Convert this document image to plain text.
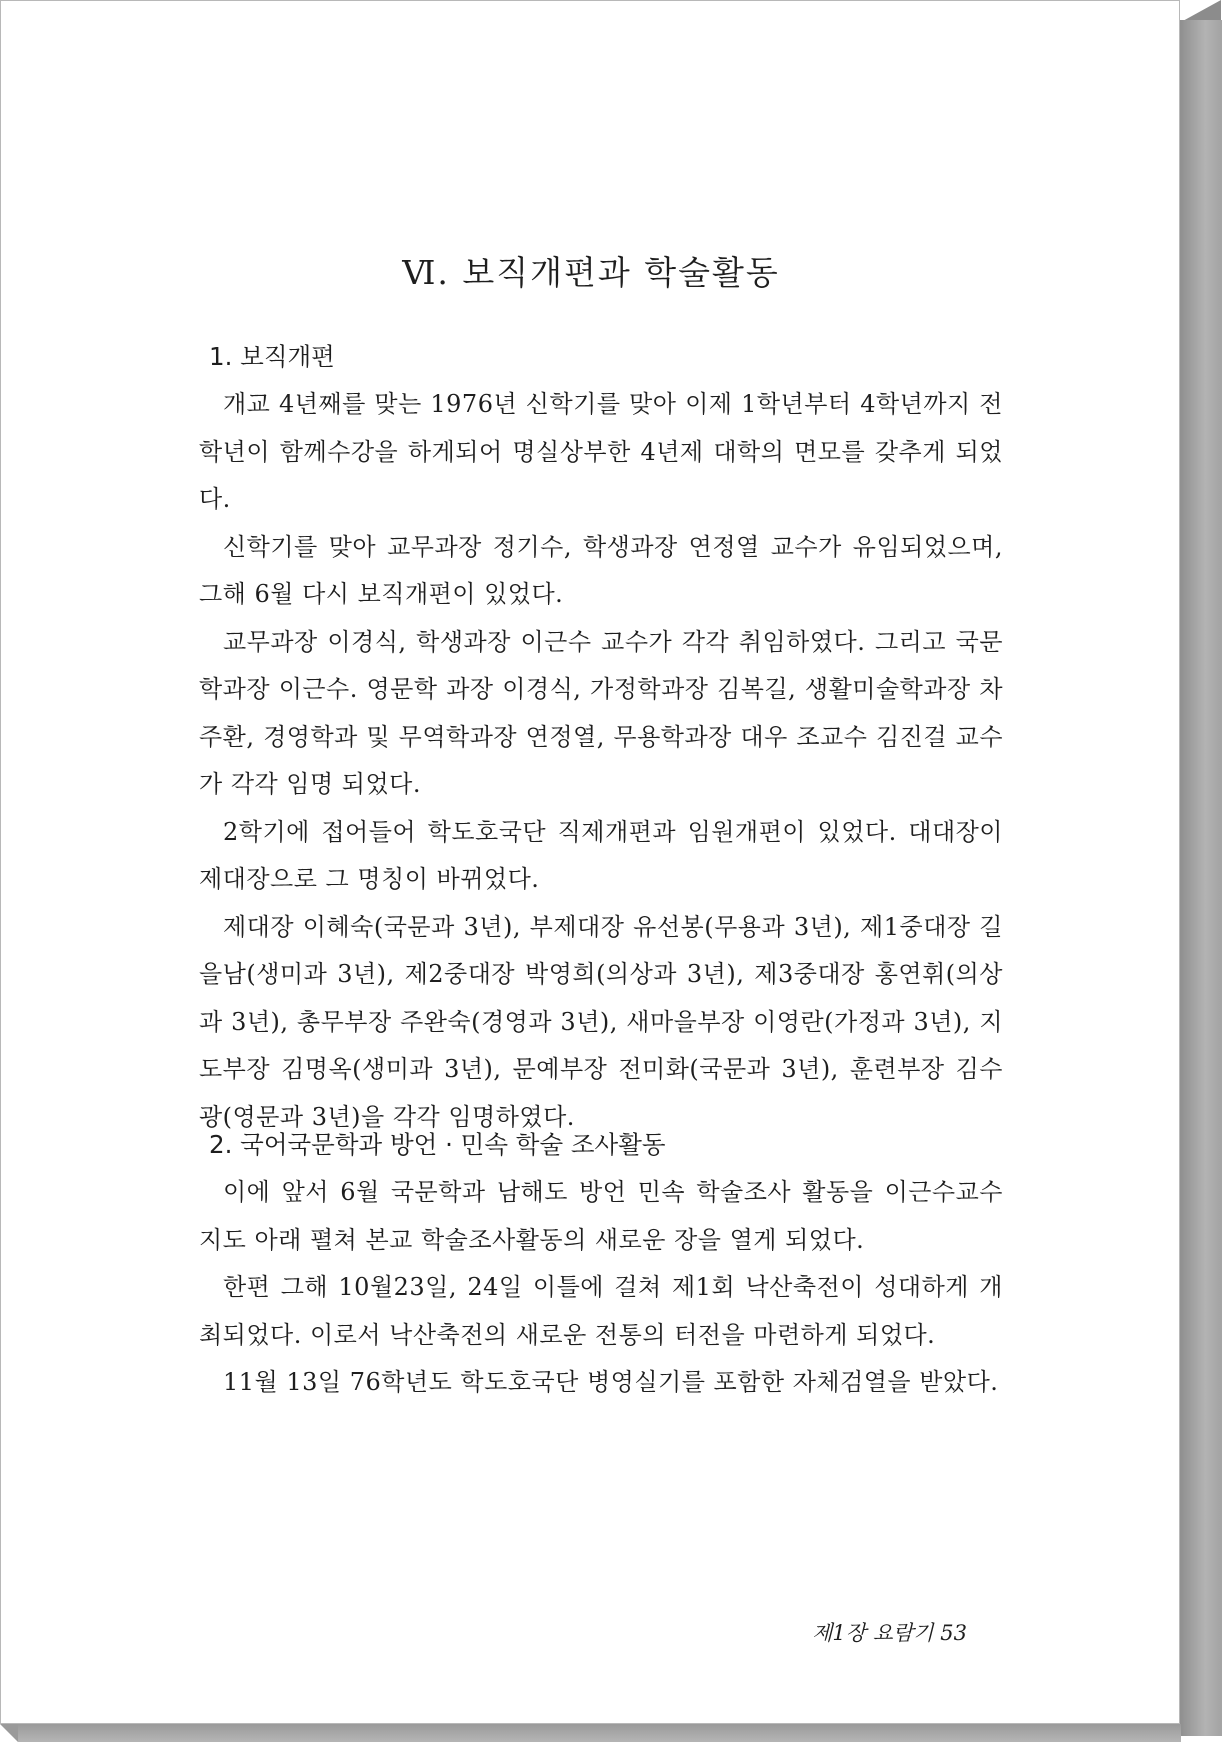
Ⅵ. 보직개편과 학술활동
1. 보직개편

개교 4년째를 맞는 1976년 신학기를 맞아 이제 1학년부터 4학년까지 전학년이 함께수강을 하게되어 명실상부한 4년제 대학의 면모를 갖추게 되었다.

신학기를 맞아 교무과장 정기수, 학생과장 연정열 교수가 유임되었으며, 그해 6월 다시 보직개편이 있었다.

교무과장 이경식, 학생과장 이근수 교수가 각각 취임하였다. 그리고 국문학과장 이근수. 영문학 과장 이경식, 가정학과장 김복길, 생활미술학과장 차주환, 경영학과 및 무역학과장 연정열, 무용학과장 대우 조교수 김진걸 교수가 각각 임명 되었다.

2학기에 접어들어 학도호국단 직제개편과 임원개편이 있었다. 대대장이 제대장으로 그 명칭이 바뀌었다.

제대장 이혜숙(국문과 3년), 부제대장 유선봉(무용과 3년), 제1중대장 길을남(생미과 3년), 제2중대장 박영희(의상과 3년), 제3중대장 홍연휘(의상과 3년), 총무부장 주완숙(경영과 3년), 새마을부장 이영란(가정과 3년), 지도부장 김명옥(생미과 3년), 문예부장 전미화(국문과 3년), 훈련부장 김수광(영문과 3년)을 각각 임명하였다.

2. 국어국문학과 방언 · 민속 학술 조사활동

이에 앞서 6월 국문학과 남해도 방언 민속 학술조사 활동을 이근수교수 지도 아래 펼쳐 본교 학술조사활동의 새로운 장을 열게 되었다.

한편 그해 10월23일, 24일 이틀에 걸쳐 제1회 낙산축전이 성대하게 개최되었다. 이로서 낙산축전의 새로운 전통의 터전을 마련하게 되었다.

11월 13일 76학년도 학도호국단 병영실기를 포함한 자체검열을 받았다.

제1장 요람기 53
